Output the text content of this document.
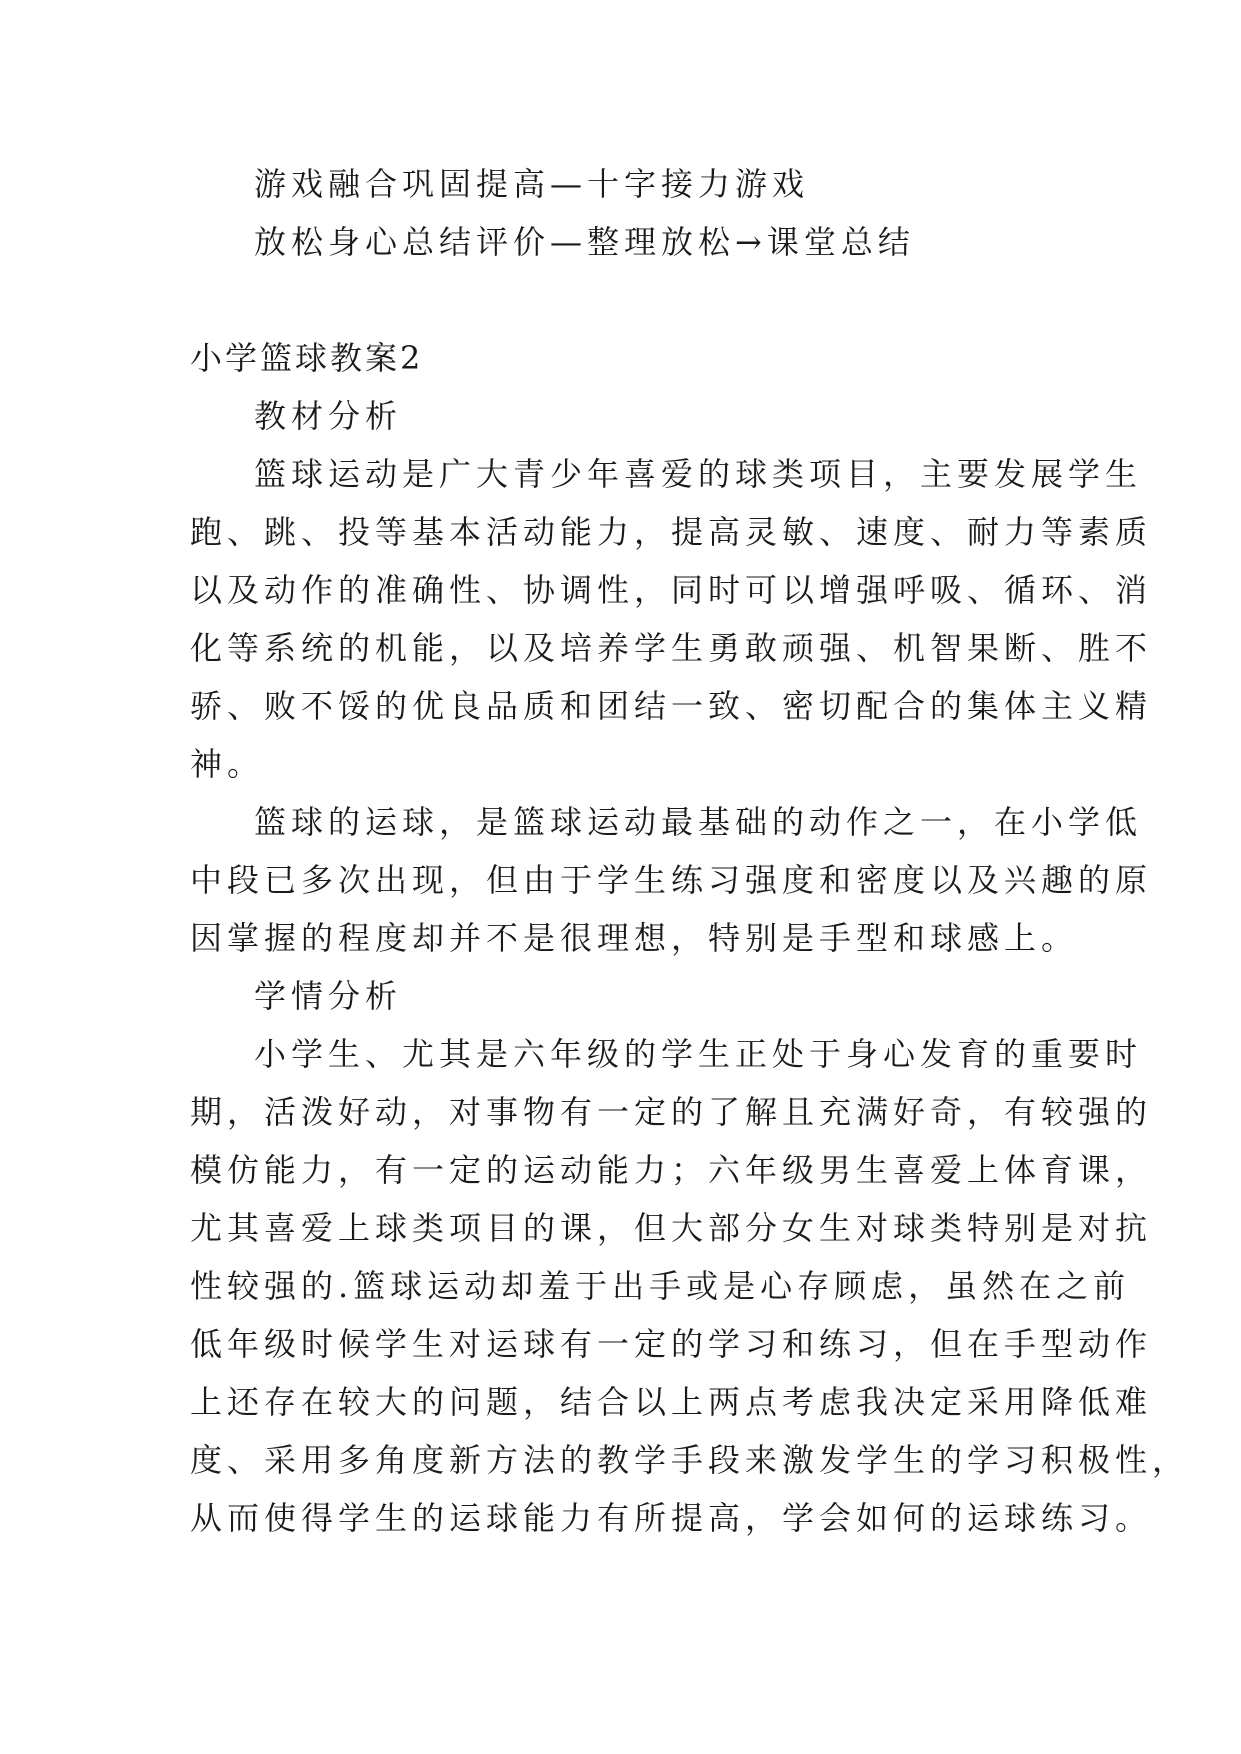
游戏融合巩固提高—十字接力游戏
放松身心总结评价—整理放松→课堂总结
小学篮球教案2
教材分析
篮球运动是广大青少年喜爱的球类项目，主要发展学生
跑、跳、投等基本活动能力，提高灵敏、速度、耐力等素质
以及动作的准确性、协调性，同时可以增强呼吸、循环、消
化等系统的机能，以及培养学生勇敢顽强、机智果断、胜不
骄、败不馁的优良品质和团结一致、密切配合的集体主义精
神。
篮球的运球，是篮球运动最基础的动作之一，在小学低
中段已多次出现，但由于学生练习强度和密度以及兴趣的原
因掌握的程度却并不是很理想，特别是手型和球感上。
学情分析
小学生、尤其是六年级的学生正处于身心发育的重要时
期，活泼好动，对事物有一定的了解且充满好奇，有较强的
模仿能力，有一定的运动能力；六年级男生喜爱上体育课，
尤其喜爱上球类项目的课，但大部分女生对球类特别是对抗
性较强的.篮球运动却羞于出手或是心存顾虑，虽然在之前
低年级时候学生对运球有一定的学习和练习，但在手型动作
上还存在较大的问题，结合以上两点考虑我决定采用降低难
度、采用多角度新方法的教学手段来激发学生的学习积极性，
从而使得学生的运球能力有所提高，学会如何的运球练习。
